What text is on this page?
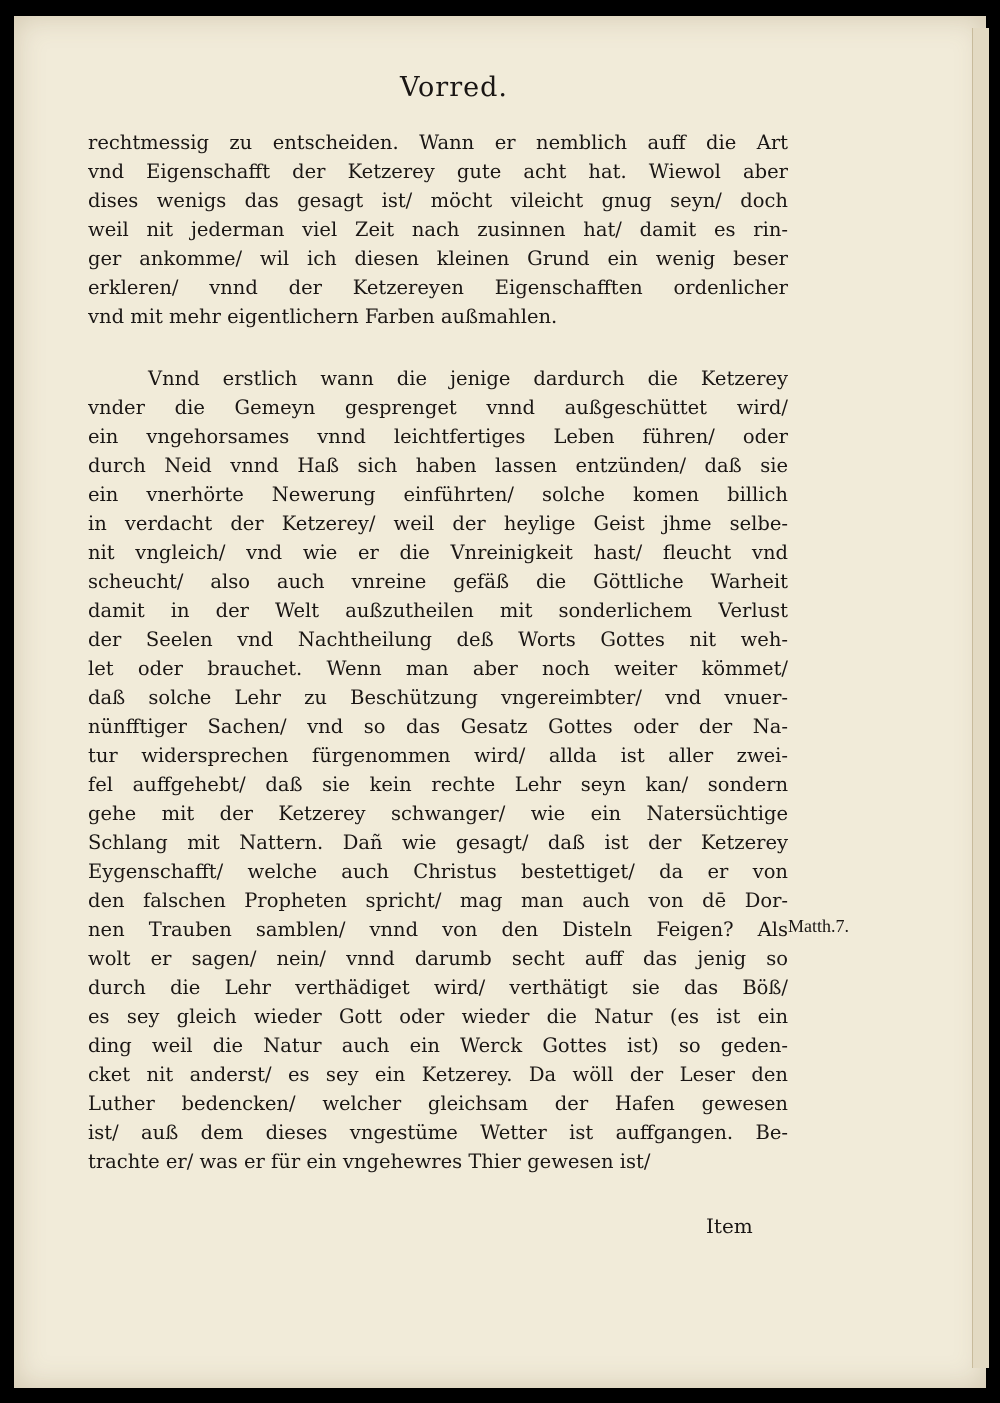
Vorred.
rechtmessig zu entscheiden. Wann er nemblich auff die Art
vnd Eigenschafft der Ketzerey gute acht hat. Wiewol aber
dises wenigs das gesagt ist/ möcht vileicht gnug seyn/ doch
weil nit jederman viel Zeit nach zusinnen hat/ damit es rin-
ger ankomme/ wil ich diesen kleinen Grund ein wenig beser
erkleren/ vnnd der Ketzereyen Eigenschafften ordenlicher
vnd mit mehr eigentlichern Farben außmahlen.
Vnnd erstlich wann die jenige dardurch die Ketzerey
vnder die Gemeyn gesprenget vnnd außgeschüttet wird/
ein vngehorsames vnnd leichtfertiges Leben führen/ oder
durch Neid vnnd Haß sich haben lassen entzünden/ daß sie
ein vnerhörte Newerung einführten/ solche komen billich
in verdacht der Ketzerey/ weil der heylige Geist jhme selbe-
nit vngleich/ vnd wie er die Vnreinigkeit hast/ fleucht vnd
scheucht/ also auch vnreine gefäß die Göttliche Warheit
damit in der Welt außzutheilen mit sonderlichem Verlust
der Seelen vnd Nachtheilung deß Worts Gottes nit weh-
let oder brauchet. Wenn man aber noch weiter kömmet/
daß solche Lehr zu Beschützung vngereimbter/ vnd vnuer-
nünfftiger Sachen/ vnd so das Gesatz Gottes oder der Na-
tur widersprechen fürgenommen wird/ allda ist aller zwei-
fel auffgehebt/ daß sie kein rechte Lehr seyn kan/ sondern
gehe mit der Ketzerey schwanger/ wie ein Natersüchtige
Schlang mit Nattern. Dañ wie gesagt/ daß ist der Ketzerey
Eygenschafft/ welche auch Christus bestettiget/ da er von
den falschen Propheten spricht/ mag man auch von dē Dor-
nen Trauben samblen/ vnnd von den Disteln Feigen? Als
wolt er sagen/ nein/ vnnd darumb secht auff das jenig so
durch die Lehr verthädiget wird/ verthätigt sie das Böß/
es sey gleich wieder Gott oder wieder die Natur (es ist ein
ding weil die Natur auch ein Werck Gottes ist) so geden-
cket nit anderst/ es sey ein Ketzerey. Da wöll der Leser den
Luther bedencken/ welcher gleichsam der Hafen gewesen
ist/ auß dem dieses vngestüme Wetter ist auffgangen. Be-
trachte er/ was er für ein vngehewres Thier gewesen ist/
Matth.7.
Item
